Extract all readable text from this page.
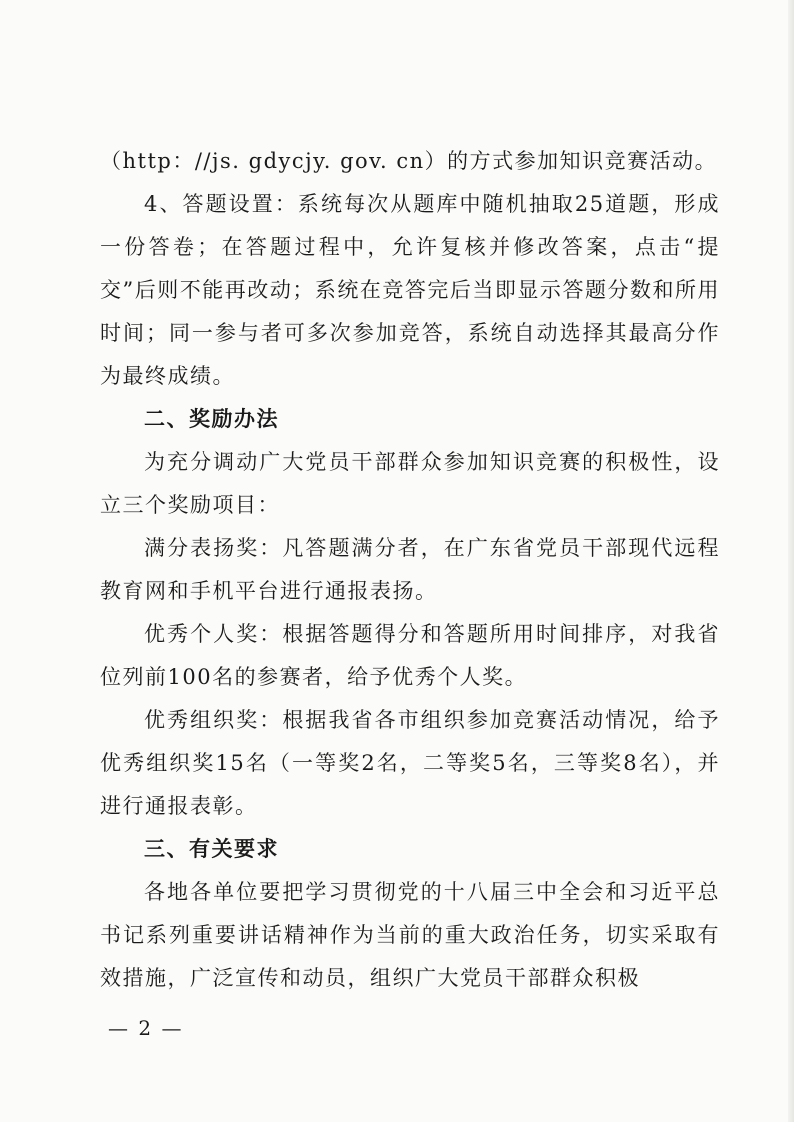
（http：//js. gdycjy. gov. cn）的方式参加知识竞赛活动。

4、答题设置：系统每次从题库中随机抽取25道题，形成一份答卷；在答题过程中，允许复核并修改答案，点击“提交”后则不能再改动；系统在竞答完后当即显示答题分数和所用时间；同一参与者可多次参加竞答，系统自动选择其最高分作为最终成绩。

二、奖励办法

为充分调动广大党员干部群众参加知识竞赛的积极性，设立三个奖励项目：

满分表扬奖：凡答题满分者，在广东省党员干部现代远程教育网和手机平台进行通报表扬。

优秀个人奖：根据答题得分和答题所用时间排序，对我省位列前100名的参赛者，给予优秀个人奖。

优秀组织奖：根据我省各市组织参加竞赛活动情况，给予优秀组织奖15名（一等奖2名，二等奖5名，三等奖8名），并进行通报表彰。

三、有关要求

各地各单位要把学习贯彻党的十八届三中全会和习近平总书记系列重要讲话精神作为当前的重大政治任务，切实采取有效措施，广泛宣传和动员，组织广大党员干部群众积极

— 2 —
